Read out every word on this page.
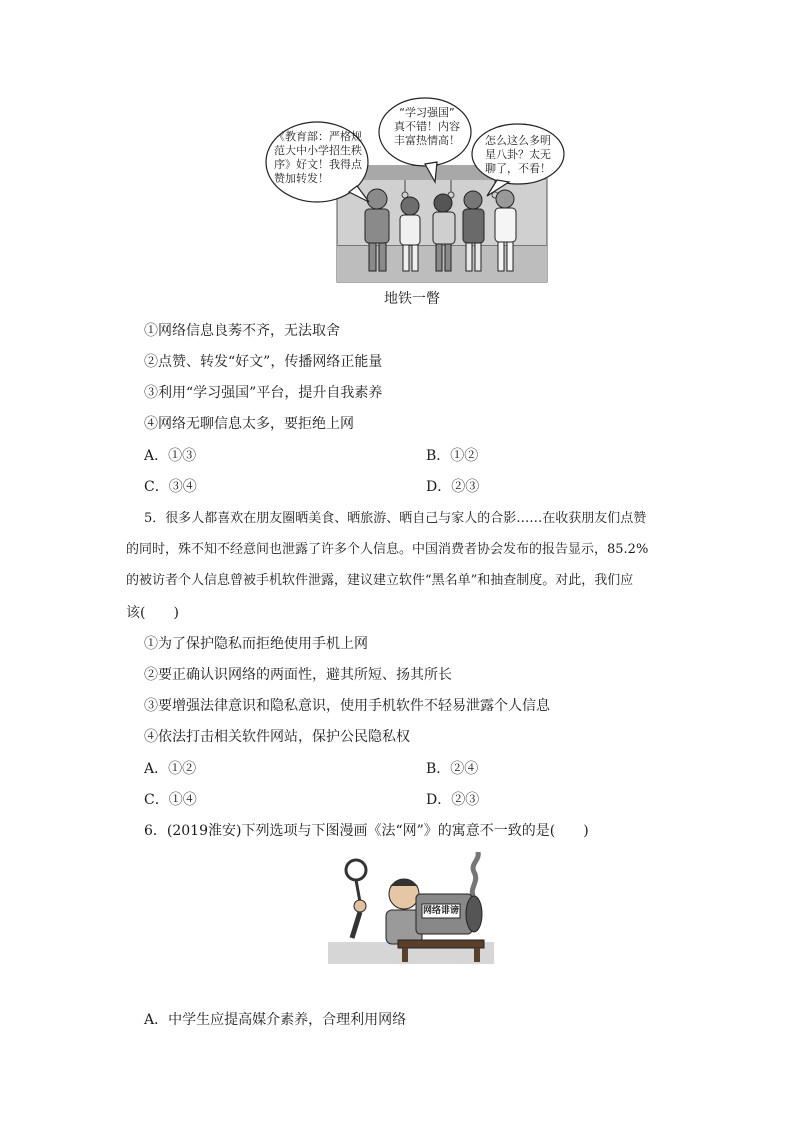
《教育部：严格规
范大中小学招生秩
序》好文！我得点
赞加转发！
“学习强国”
真不错！内容
丰富热情高！	怎么这么多明
星八卦？太无
聊了，不看！
地铁一瞥
①网络信息良莠不齐，无法取舍
②点赞、转发“好文”，传播网络正能量
③利用“学习强国”平台，提升自我素养
④网络无聊信息太多，要拒绝上网
A．①③	B．①②
C．③④	D．②③
5．很多人都喜欢在朋友圈晒美食、晒旅游、晒自己与家人的合影……在收获朋友们点赞
的同时，殊不知不经意间也泄露了许多个人信息。中国消费者协会发布的报告显示，85.2%
的被访者个人信息曾被手机软件泄露，建议建立软件“黑名单”和抽查制度。对此，我们应
该(　　)
①为了保护隐私而拒绝使用手机上网
②要正确认识网络的两面性，避其所短、扬其所长
③要增强法律意识和隐私意识，使用手机软件不轻易泄露个人信息
④依法打击相关软件网站，保护公民隐私权
A．①②	B．②④
C．①④	D．②③
6．(2019淮安)下列选项与下图漫画《法“网”》的寓意不一致的是(　　)
网络诽谤
A．中学生应提高媒介素养，合理利用网络
